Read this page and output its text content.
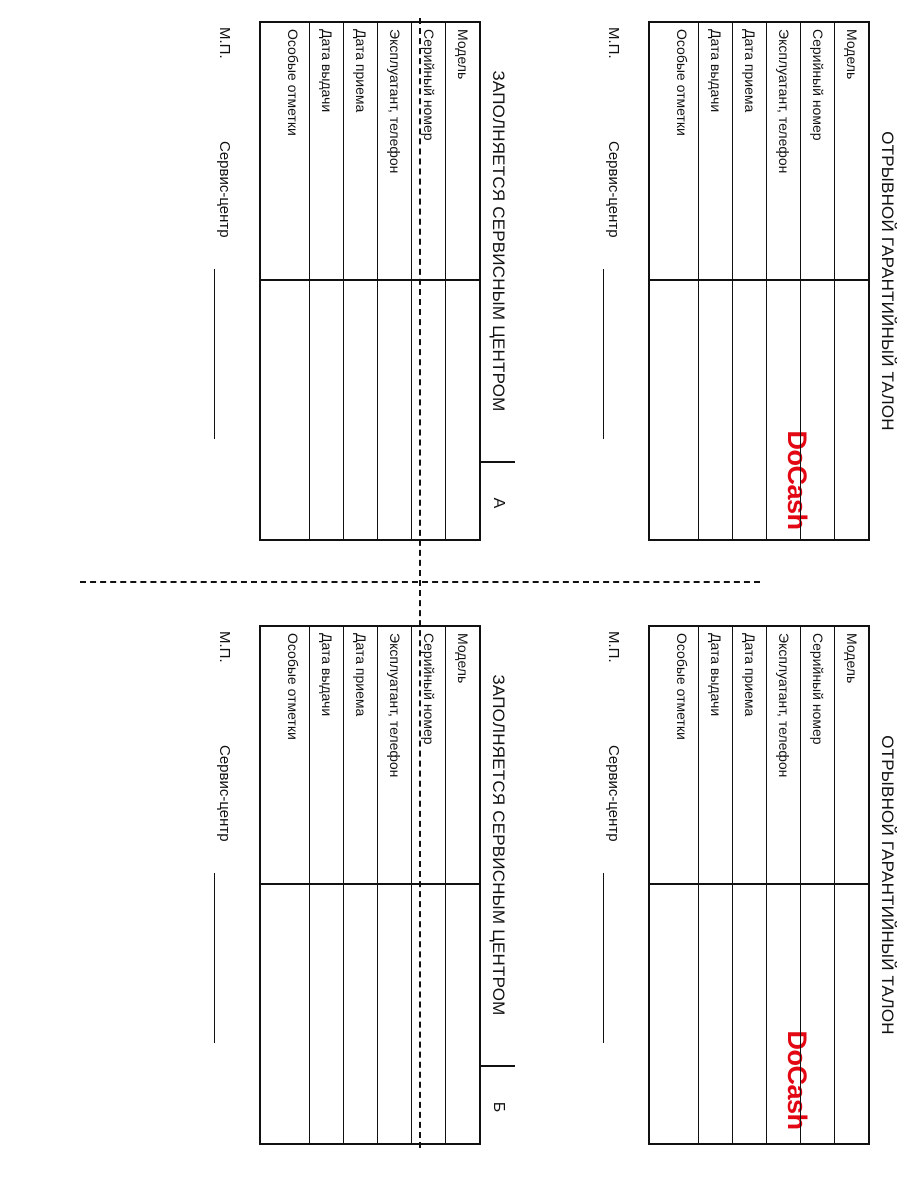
DoCash
DoCash
ОТРЫВНОЙ ГАРАНТИЙНЫЙ ТАЛОН
Модель
Серийный номер
Эксплуатант, телефон
Дата приема
Дата выдачи
Особые отметки
М.П.
Сервис-центр
ЗАПОЛНЯЕТСЯ СЕРВИСНЫМ ЦЕНТРОМ
А
Модель
Серийный номер
Эксплуатант, телефон
Дата приема
Дата выдачи
Особые отметки
М.П.
Сервис-центр
ОТРЫВНОЙ ГАРАНТИЙНЫЙ ТАЛОН
Модель
Серийный номер
Эксплуатант, телефон
Дата приема
Дата выдачи
Особые отметки
М.П.
Сервис-центр
ЗАПОЛНЯЕТСЯ СЕРВИСНЫМ ЦЕНТРОМ
Б
Модель
Серийный номер
Эксплуатант, телефон
Дата приема
Дата выдачи
Особые отметки
М.П.
Сервис-центр
